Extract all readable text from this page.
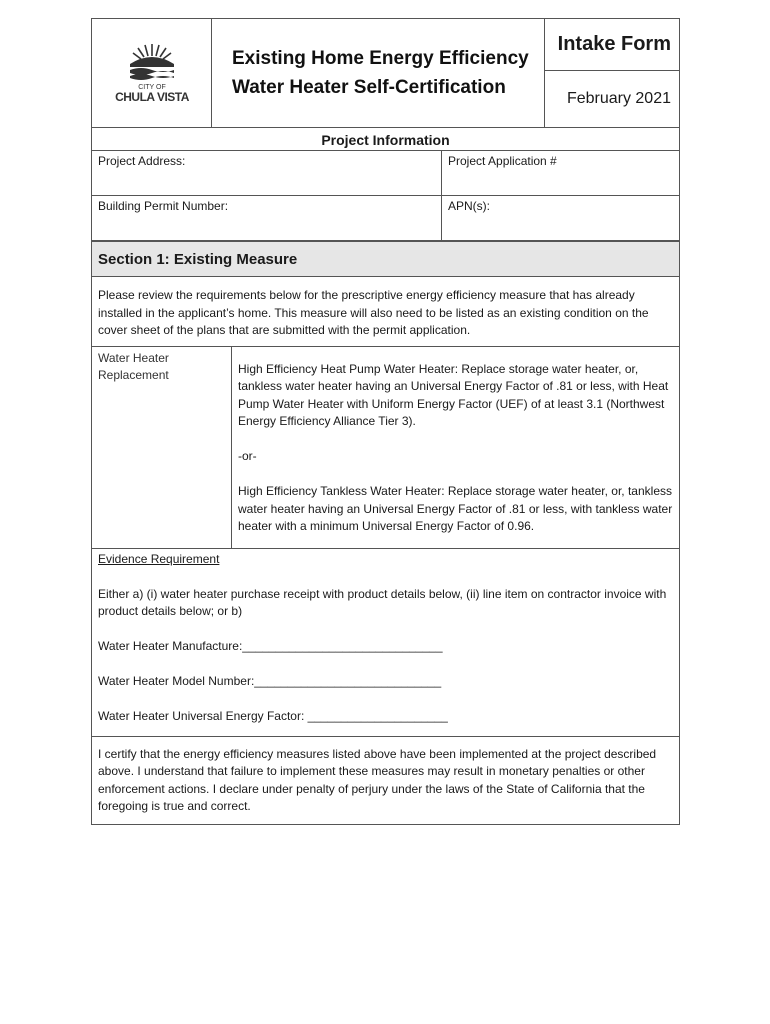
CITY OF
CHULA VISTA
Existing Home Energy Efficiency
Water Heater Self-Certification
Intake Form
February 2021
Project Information
Project Address:	Project Application #
Building Permit Number:	APN(s):
Section 1: Existing Measure
Please review the requirements below for the prescriptive energy efficiency measure that has already installed in the applicant’s home. This measure will also need to be listed as an existing condition on the cover sheet of the plans that are submitted with the permit application.
Water Heater Replacement	High Efficiency Heat Pump Water Heater: Replace storage water heater, or, tankless water heater having an Universal Energy Factor of .81 or less, with Heat Pump Water Heater with Uniform Energy Factor (UEF) of at least 3.1 (Northwest Energy Efficiency Alliance Tier 3).

-or-

High Efficiency Tankless Water Heater: Replace storage water heater, or, tankless water heater having an Universal Energy Factor of .81 or less, with tankless water heater with a minimum Universal Energy Factor of 0.96.

Evidence Requirement

Either a) (i) water heater purchase receipt with product details below, (ii) line item on contractor invoice with product details below; or b)

Water Heater Manufacture:______________________________

Water Heater Model Number:____________________________

Water Heater Universal Energy Factor: _____________________

I certify that the energy efficiency measures listed above have been implemented at the project described above. I understand that failure to implement these measures may result in monetary penalties or other enforcement actions. I declare under penalty of perjury under the laws of the State of California that the foregoing is true and correct.
